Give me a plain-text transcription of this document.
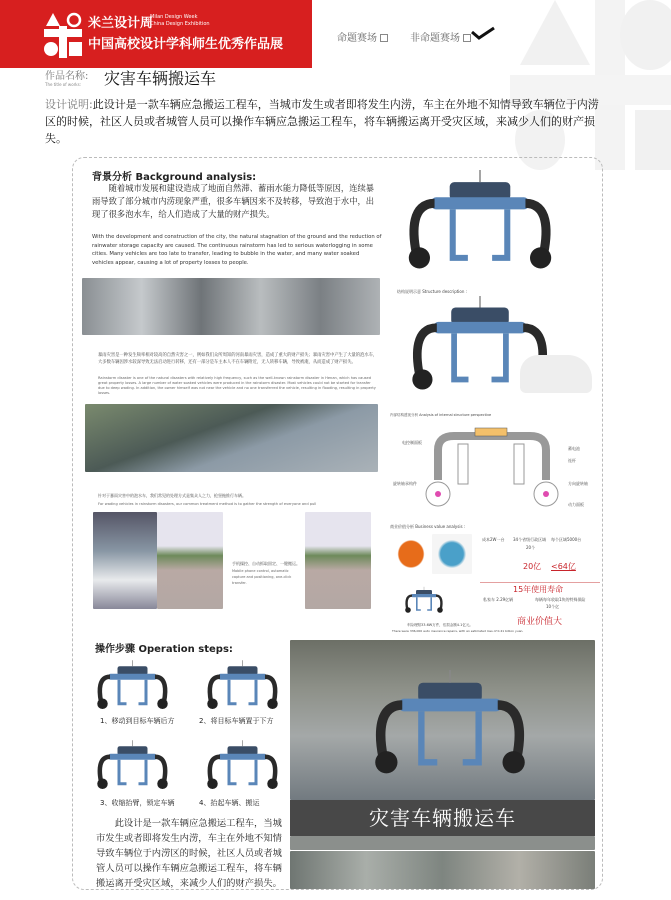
米兰设计周
Milan Design Week
China Design Exhibition
中国高校设计学科师生优秀作品展	命题赛场	非命题赛场
作品名称:
The title of works:	灾害车辆搬运车
设计说明:此设计是一款车辆应急搬运工程车，当城市发生或者即将发生内涝，车主在外地不知情导致车辆位于内涝区的时候，社区人员或者城管人员可以操作车辆应急搬运工程车，将车辆搬运离开受灾区域，来减少人们的财产损失。
背景分析 Background analysis:
随着城市发展和建设造成了地面自然滞、蓄雨水能力降低等原因，连续暴雨导致了部分城市内涝现象严重，很多车辆因来不及转移，导致泡于水中，出现了很多泡水车，给人们造成了大量的财产损失。
With the development and construction of the city, the natural stagnation of the ground and the reduction of rainwater storage capacity are caused. The continuous rainstorm has led to serious waterlogging in some cities. Many vehicles are too late to transfer, leading to bubble in the water, and many water soaked vehicles appear, causing a lot of property losses to people.
暴雨灾害是一种发生频率相对较高的自然灾害之一，例如我们众所周知的河南暴雨灾害，造成了重大的财产损失；暴雨灾害中产生了大量的泡水车，大多数车辆因涉水较深导致无法启动进行转移，还有一部分是车主本人不在车辆附近，无人转移车辆，导致被淹，从而造成了财产损失。
Rainstorm disaster is one of the natural disasters with relatively high frequency, such as the well-known rainstorm disaster in Henan, which has caused great property losses. A large number of water soaked vehicles were produced in the rainstorm disaster. Most vehicles could not be started for transfer due to deep wading. In addition, the owner himself was not near the vehicle and no one transferred the vehicle, resulting in flooding, resulting in property losses.
针对于暴雨灾害中的泡水车，我们常见的处理方式是集众人之力，抢坚拖推行车辆。
For wading vehicles in rainstorm disasters, our common treatment method is to gather the strength of everyone and pull
手机操控、自动抓取固定、一键搬运。
Mobile phone control, automatic capture and positioning, one-click transfer.
结构说明示意 Structure description :
内部结构透视分析 Analysis of internal structure perspective
电控制面板
蓄电池
连杆
旋转轴承构件	方向旋转轴
动力面板
商业价值分析 Business value analysis :
成本2W一台 34个省级行政区域 每个区域5000台
20个
20亿 <64亿
15年使用寿命
私家车 2.29亿辆	每辆每年收取1块的特殊保险
10个亿
商业价值大
车险理赔33.6W万件，估损金额4.1亿元。
There were 336,000 auto insurance repairs, with an estimated loss of 0.41 billion yuan.
操作步骤 Operation steps:
1、移动到目标车辆后方	2、将目标车辆置于下方
3、收缩抬臂，锁定车辆	4、抬起车辆、搬运
此设计是一款车辆应急搬运工程车，当城市发生或者即将发生内涝，车主在外地不知情导致车辆位于内涝区的时候，社区人员或者城管人员可以操作车辆应急搬运工程车，将车辆搬运离开受灾区域，来减少人们的财产损失。
灾害车辆搬运车
